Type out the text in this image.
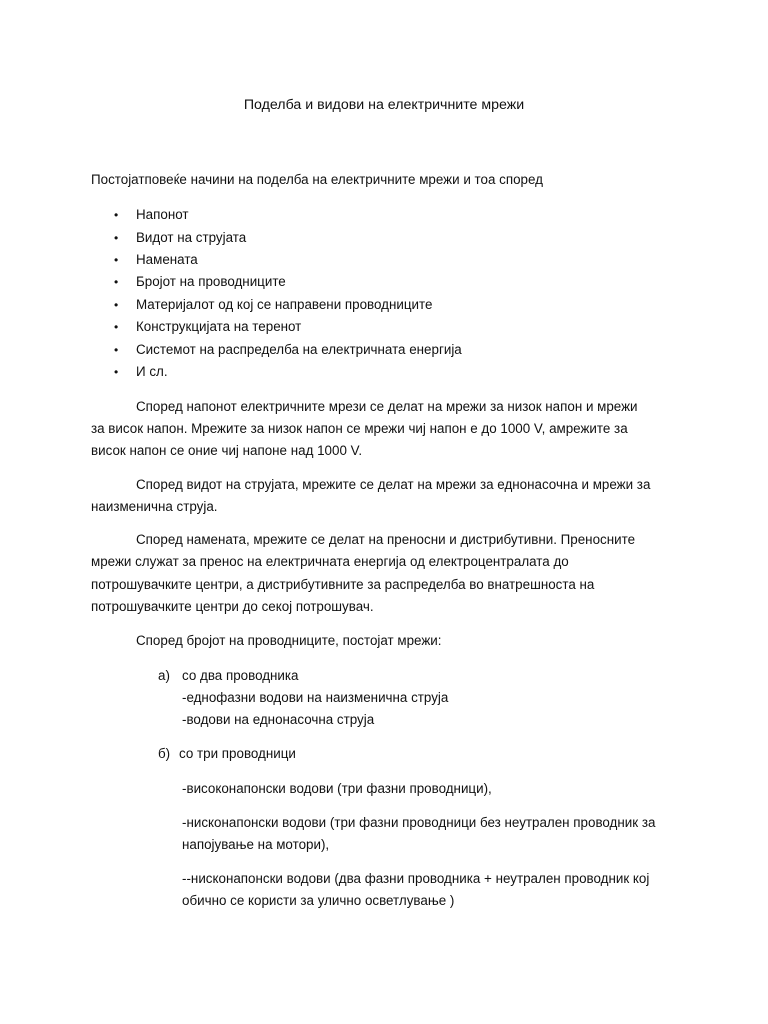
Поделба и видови на електричните мрежи
Постојатповеќе начини на поделба на електричните мрежи и тоа според
• Напонот
• Видот на струјата
• Намената
• Бројот на проводниците
• Материјалот од кој се направени проводниците
• Конструкцијата на теренот
• Системот на распределба на електричната енергија
• И сл.
Според напонот електричните мрези се делат на мрежи за низок напон и мрежи
за висок напон. Мрежите за низок напон се мрежи чиј напон е до 1000 V, амрежите за
висок напон се оние чиј напоне над 1000 V.
Според видот на струјата, мрежите се делат на мрежи за еднонасочна и мрежи за
наизменична струја.
Според намената, мрежите се делат на преносни и дистрибутивни. Преносните
мрежи служат за пренос на електричната енергија од електроцентралата до
потрошувачките центри, а дистрибутивните за распределба во внатрешноста на
потрошувачките центри до секој потрошувач.
Според бројот на проводниците, постојат мрежи:
а) со два проводника
-еднофазни водови на наизменична струја
-водови на еднонасочна струја
б) со три проводници
-високонапонски водови (три фазни проводници),
-нисконапонски водови (три фазни проводници без неутрален проводник за
напојување на мотори),
--нисконапонски водови (два фазни проводника + неутрален проводник кој
обично се користи за улично осветлување )
